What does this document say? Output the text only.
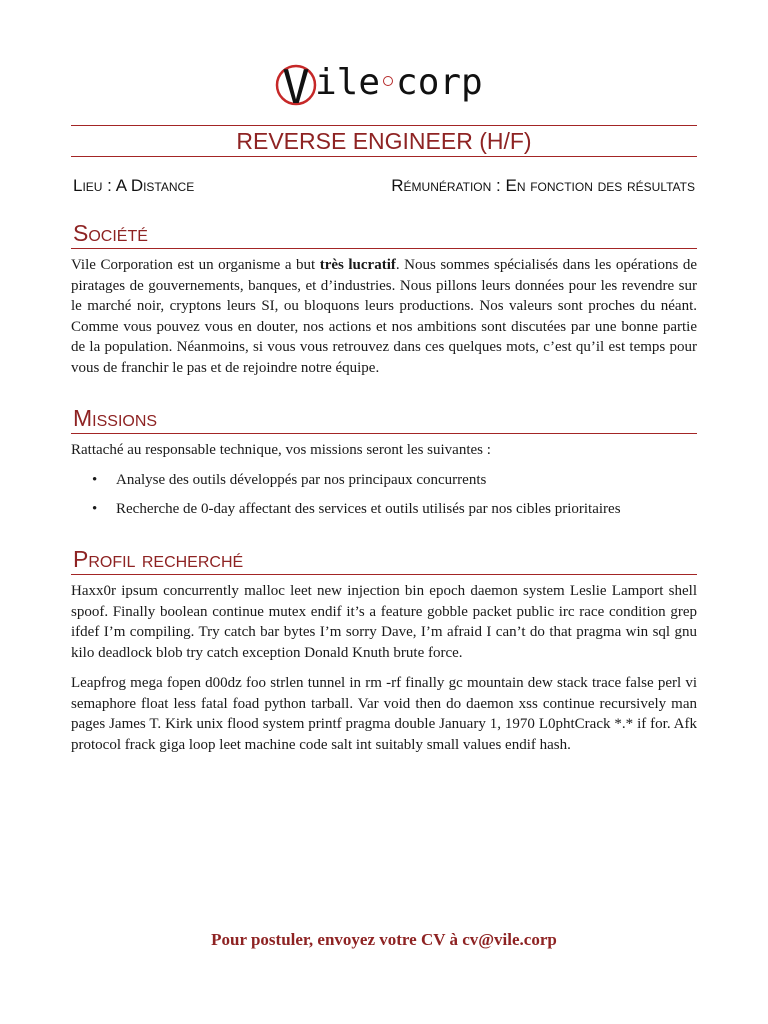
V ile corp
REVERSE ENGINEER (H/F)
Lieu : A Distance	Rémunération : En fonction des résultats
Société
Vile Corporation est un organisme a but très lucratif. Nous sommes spécialisés dans les opérations de piratages de gouvernements, banques, et d’industries. Nous pillons leurs données pour les revendre sur le marché noir, cryptons leurs SI, ou bloquons leurs productions. Nos valeurs sont proches du néant. Comme vous pouvez vous en douter, nos actions et nos ambitions sont discutées par une bonne partie de la population. Néanmoins, si vous vous retrouvez dans ces quelques mots, c’est qu’il est temps pour vous de franchir le pas et de rejoindre notre équipe.
Missions
Rattaché au responsable technique, vos missions seront les suivantes :
• Analyse des outils développés par nos principaux concurrents
• Recherche de 0-day affectant des services et outils utilisés par nos cibles prioritaires
Profil recherché
Haxx0r ipsum concurrently malloc leet new injection bin epoch daemon system Leslie Lamport shell spoof. Finally boolean continue mutex endif it’s a feature gobble packet public irc race condition grep ifdef I’m compiling. Try catch bar bytes I’m sorry Dave, I’m afraid I can’t do that pragma win sql gnu kilo deadlock blob try catch exception Donald Knuth brute force.
Leapfrog mega fopen d00dz foo strlen tunnel in rm -rf finally gc mountain dew stack trace false perl vi semaphore float less fatal foad python tarball. Var void then do daemon xss continue recursively man pages James T. Kirk unix flood system printf pragma double January 1, 1970 L0phtCrack *.* if for. Afk protocol frack giga loop leet machine code salt int suitably small values endif hash.
Pour postuler, envoyez votre CV à cv@vile.corp
